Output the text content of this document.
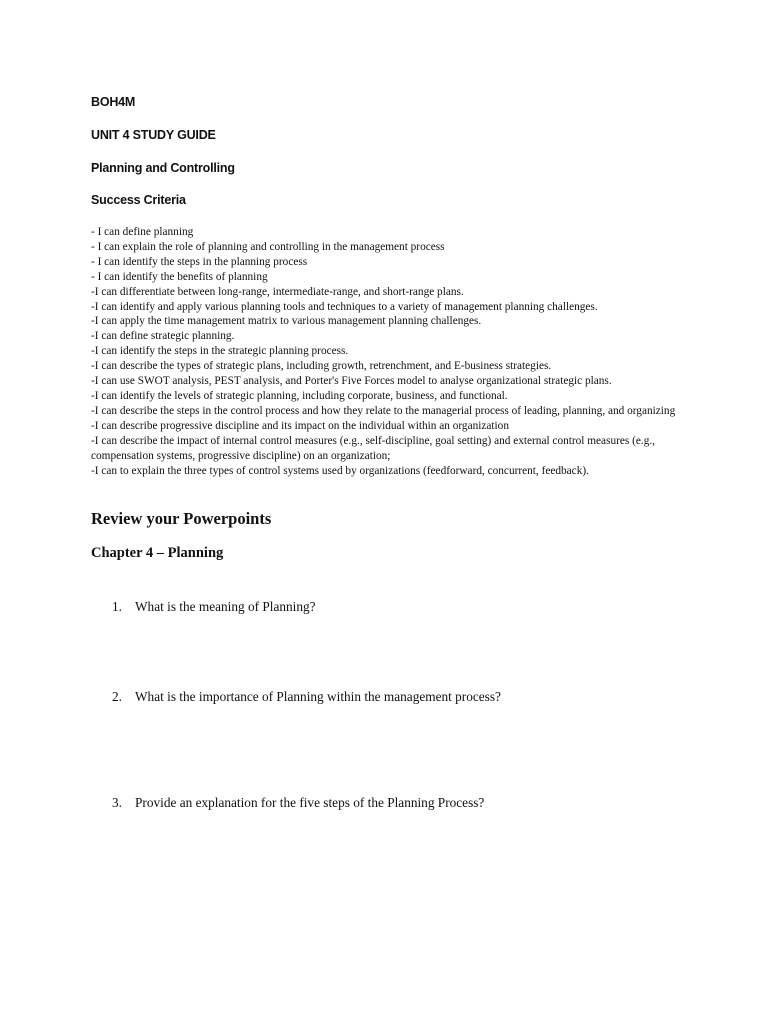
BOH4M
UNIT 4 STUDY GUIDE
Planning and Controlling
Success Criteria
- I can define planning
- I can explain the role of planning and controlling in the management process
- I can identify the steps in the planning process
- I can identify the benefits of planning
-I can differentiate between long-range, intermediate-range, and short-range plans.
-I can identify and apply various planning tools and techniques to a variety of management planning challenges.
-I can apply the time management matrix to various management planning challenges.
-I can define strategic planning.
-I can identify the steps in the strategic planning process.
-I can describe the types of strategic plans, including growth, retrenchment, and E-business strategies.
-I can use SWOT analysis, PEST analysis, and Porter's Five Forces model to analyse organizational strategic plans.
-I can identify the levels of strategic planning, including corporate, business, and functional.
-I can describe the steps in the control process and how they relate to the managerial process of leading, planning, and organizing
-I can describe progressive discipline and its impact on the individual within an organization
-I can describe the impact of internal control measures (e.g., self-discipline, goal setting) and external control measures (e.g., compensation systems, progressive discipline) on an organization;
-I can to explain the three types of control systems used by organizations (feedforward, concurrent, feedback).
Review your Powerpoints
Chapter 4 – Planning
1. What is the meaning of Planning?
2. What is the importance of Planning within the management process?
3. Provide an explanation for the five steps of the Planning Process?
